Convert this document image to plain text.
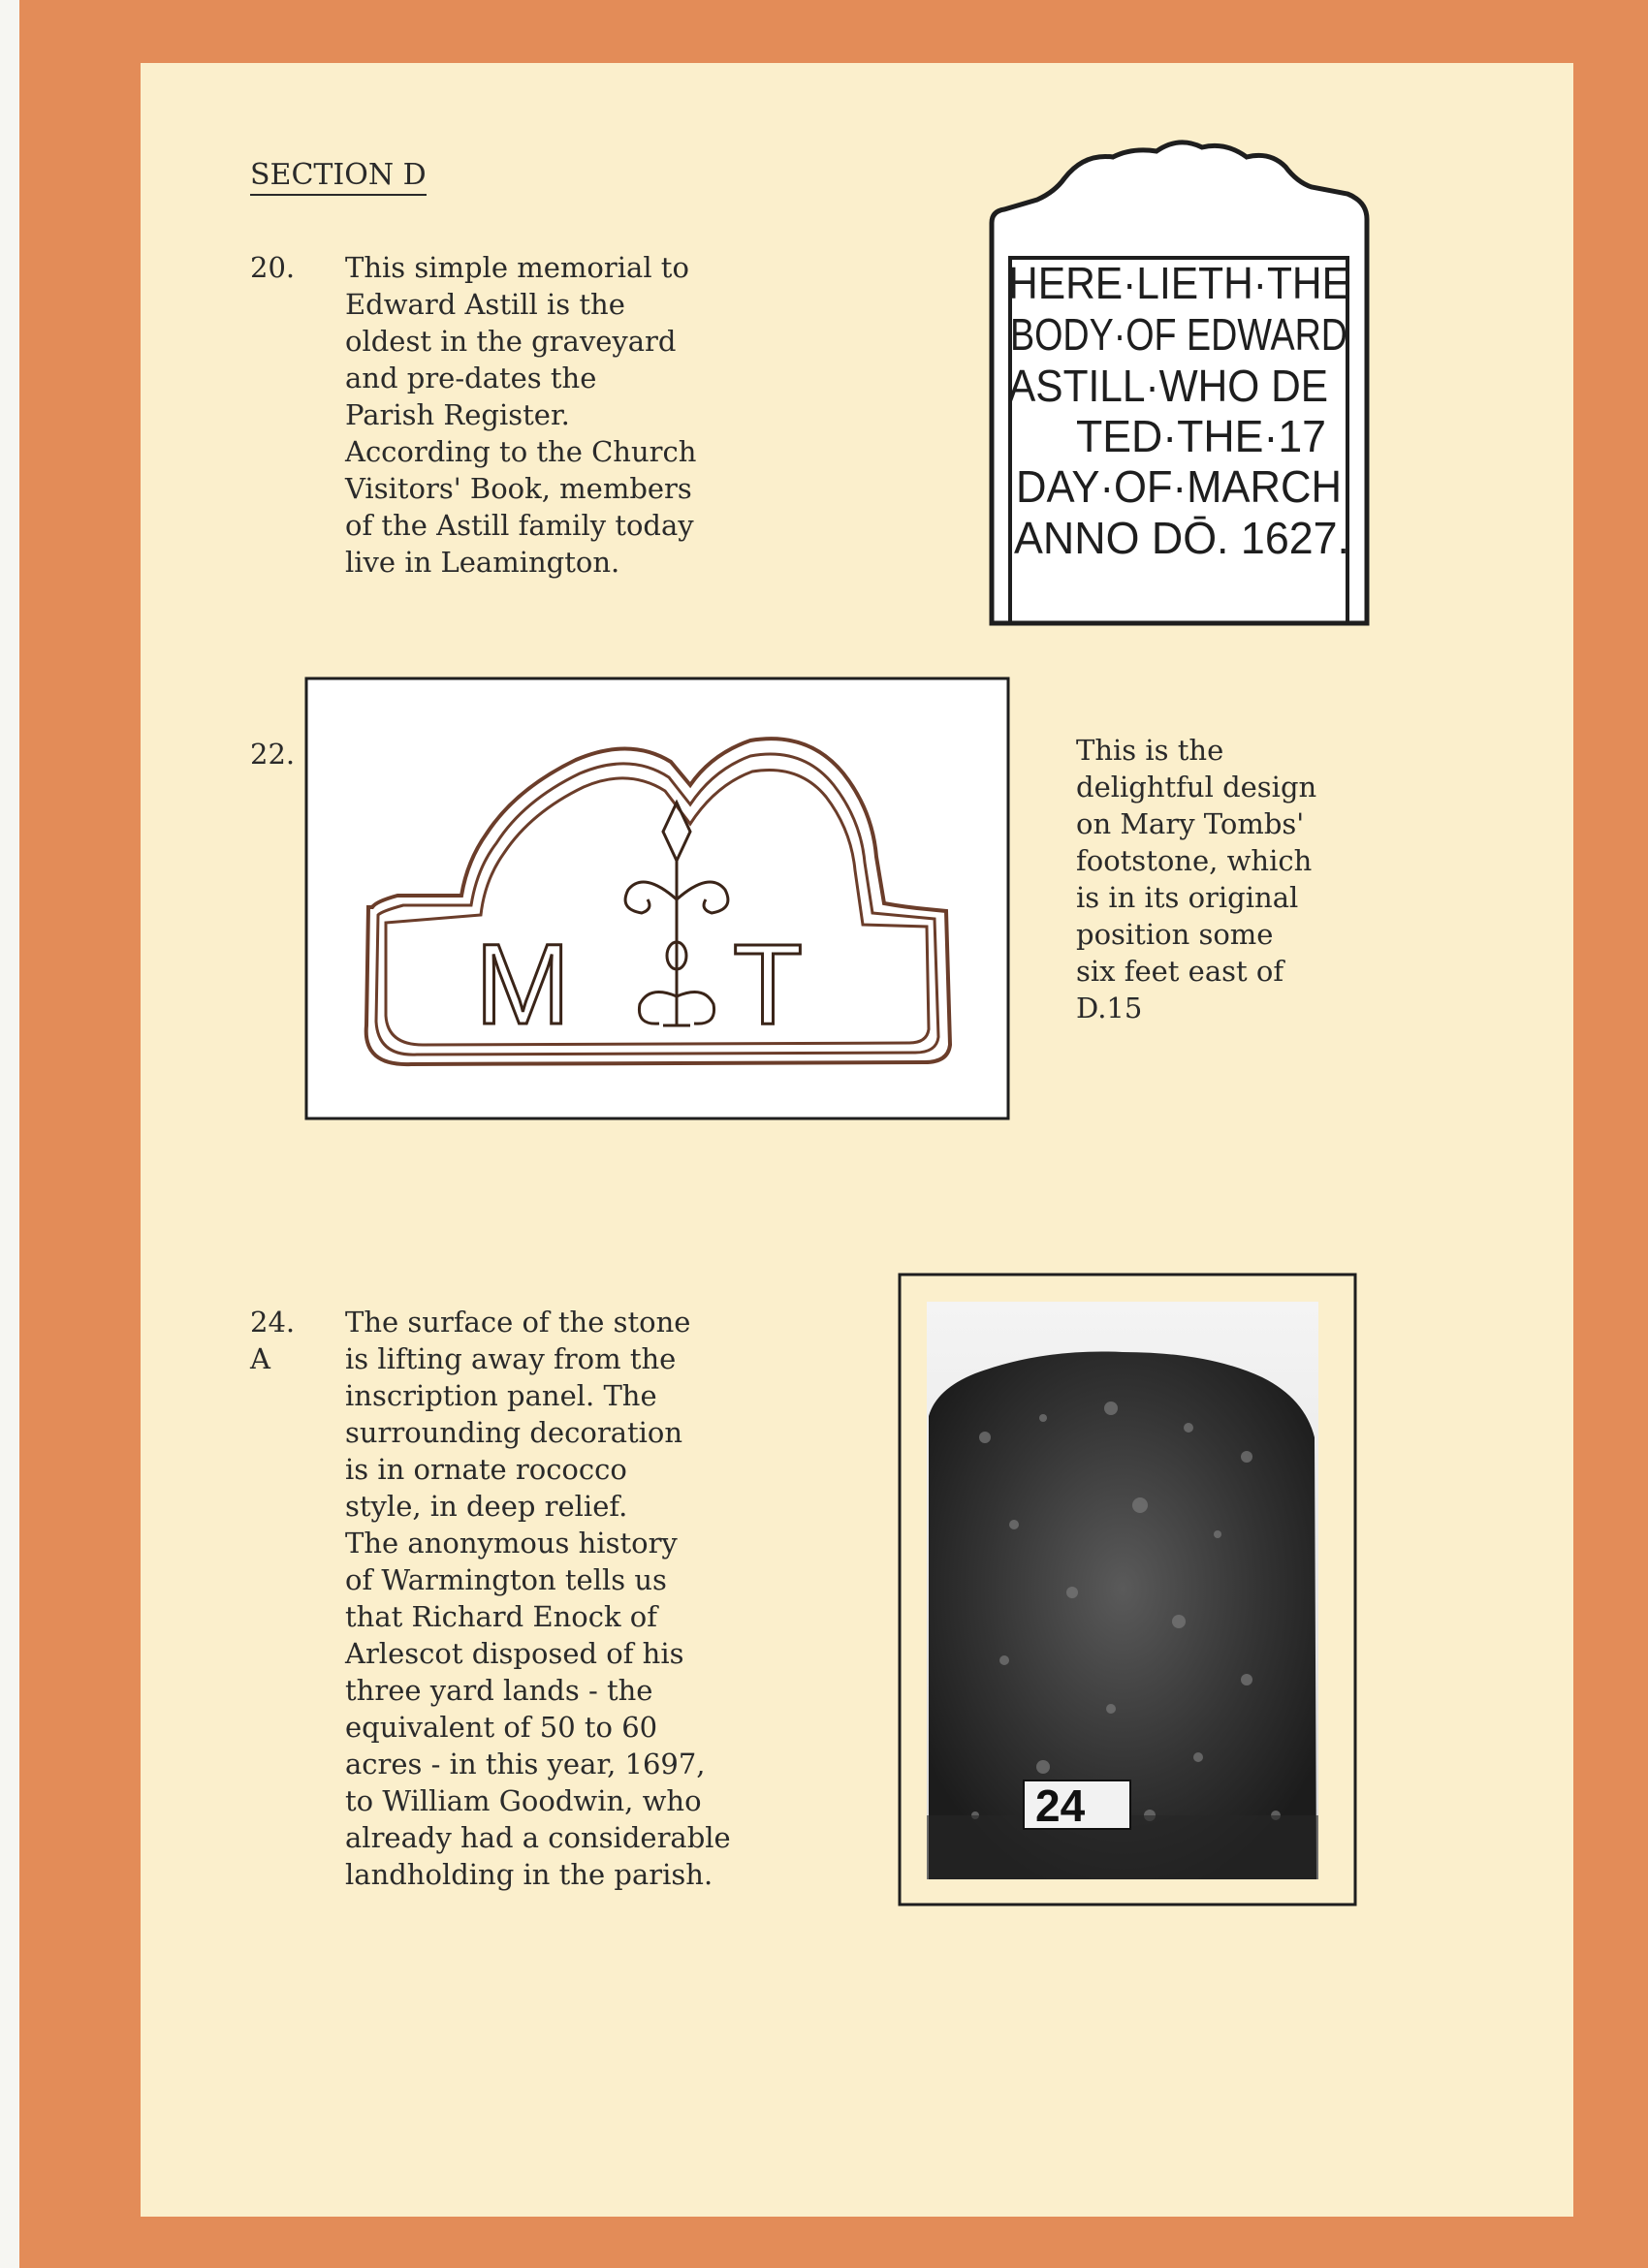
SECTION D
20. This simple memorial to
Edward Astill is the
oldest in the graveyard
and pre-dates the
Parish Register.
According to the Church
Visitors' Book, members
of the Astill family today
live in Leamington.
HERE·LIETH·THE
BODY·OF EDWARD
ASTILL·WHO DE
TED·THE·17
DAY·OF·MARCH
ANNO DŌ. 1627.
22.
M T
This is the
delightful design
on Mary Tombs'
footstone, which
is in its original
position some
six feet east of
D.15
24.
A
The surface of the stone
is lifting away from the
inscription panel. The
surrounding decoration
is in ornate rococco
style, in deep relief.
The anonymous history
of Warmington tells us
that Richard Enock of
Arlescot disposed of his
three yard lands - the
equivalent of 50 to 60
acres - in this year, 1697,
to William Goodwin, who
already had a considerable
landholding in the parish.
24
